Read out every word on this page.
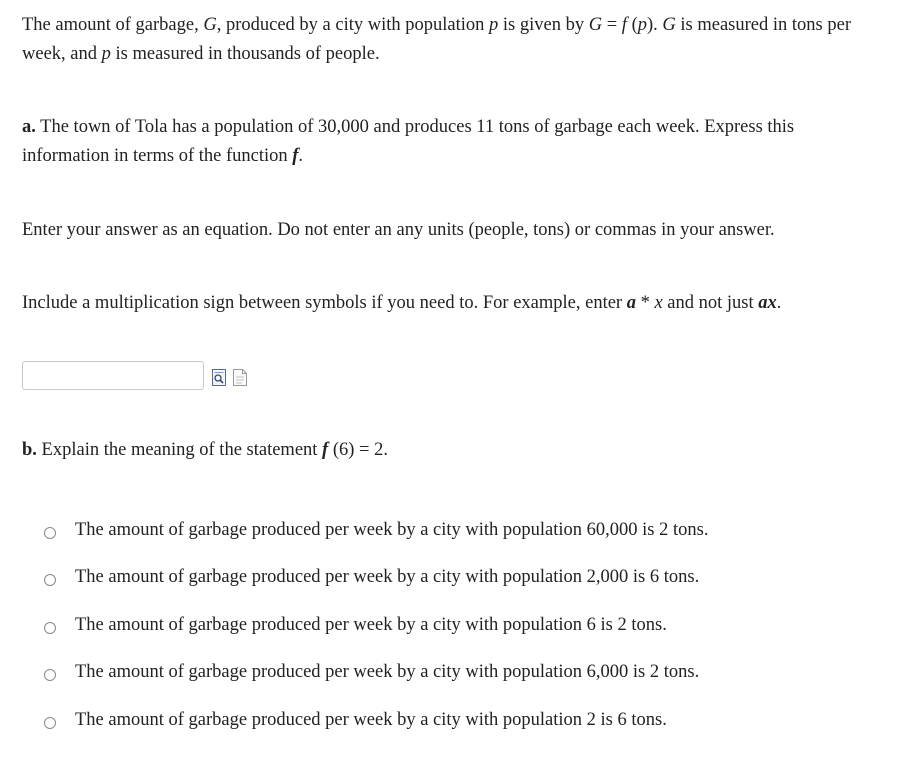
The amount of garbage, G, produced by a city with population p is given by G = f (p). G is measured in tons per week, and p is measured in thousands of people.

a. The town of Tola has a population of 30,000 and produces 11 tons of garbage each week. Express this information in terms of the function f.

Enter your answer as an equation. Do not enter an any units (people, tons) or commas in your answer.

Include a multiplication sign between symbols if you need to. For example, enter a * x and not just ax.

b. Explain the meaning of the statement f (6) = 2.

The amount of garbage produced per week by a city with population 60,000 is 2 tons.
The amount of garbage produced per week by a city with population 2,000 is 6 tons.
The amount of garbage produced per week by a city with population 6 is 2 tons.
The amount of garbage produced per week by a city with population 6,000 is 2 tons.
The amount of garbage produced per week by a city with population 2 is 6 tons.
